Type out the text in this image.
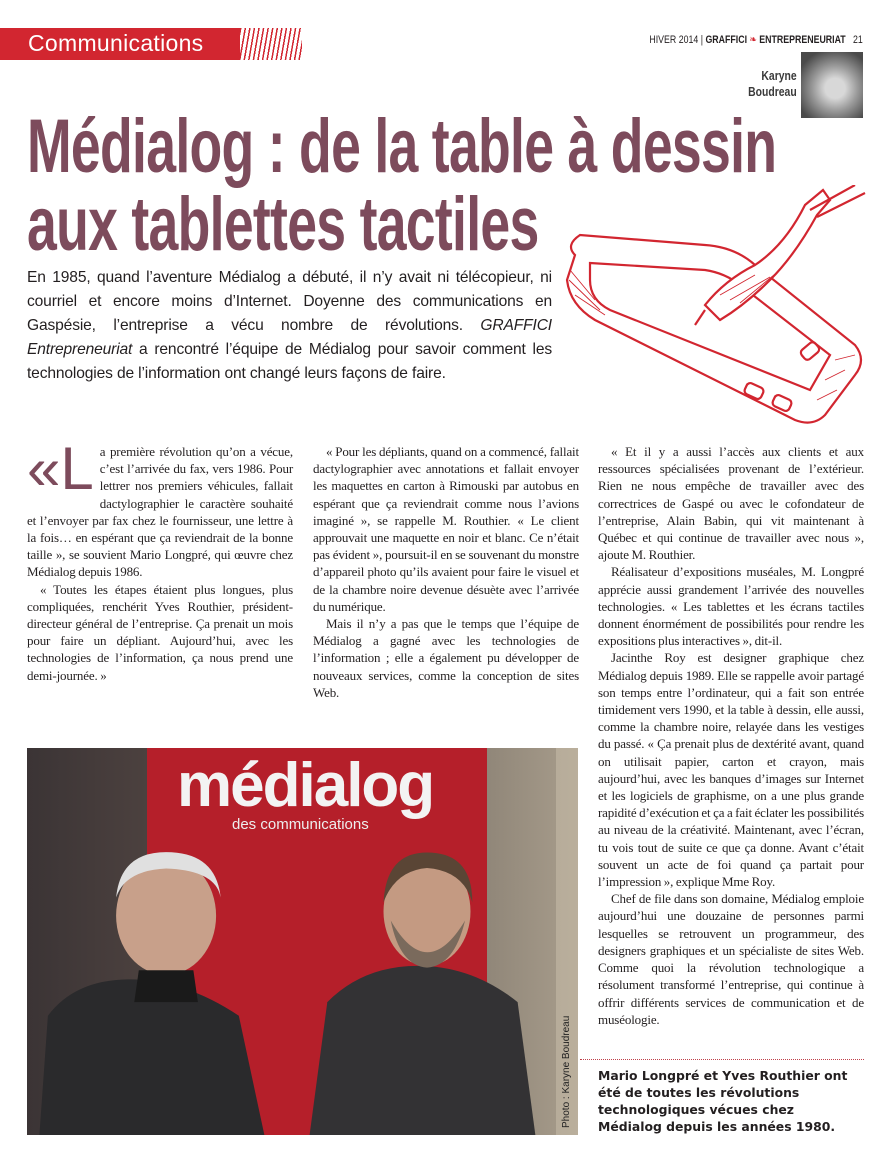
Communications	HIVER 2014 | GRAFFICI ❧ ENTREPRENEURIAT 21
Karyne
Boudreau
Médialog : de la table à dessin
aux tablettes tactiles
En 1985, quand l’aventure Médialog a débuté, il n’y avait ni télécopieur, ni courriel et encore moins d’Internet. Doyenne des communications en Gaspésie, l’entreprise a vécu nombre de révolutions. GRAFFICI Entrepreneuriat a rencontré l’équipe de Médialog pour savoir comment les technologies de l’information ont changé leurs façons de faire.
«L a première révolution qu’on a vécue, c’est l’arrivée du fax, vers 1986. Pour lettrer nos premiers véhicules, fallait dactylographier le caractère souhaité et l’envoyer par fax chez le fournisseur, une lettre à la fois… en espérant que ça reviendrait de la bonne taille », se souvient Mario Longpré, qui œuvre chez Médialog depuis 1986.

« Toutes les étapes étaient plus longues, plus compliquées, renchérit Yves Routhier, président-directeur général de l’entreprise. Ça prenait un mois pour faire un dépliant. Aujourd’hui, avec les technologies de l’information, ça nous prend une demi-journée. »

« Pour les dépliants, quand on a commencé, fallait dactylographier avec annotations et fallait envoyer les maquettes en carton à Rimouski par autobus en espérant que ça reviendrait comme nous l’avions imaginé », se rappelle M. Routhier. « Le client approuvait une maquette en noir et blanc. Ce n’était pas évident », poursuit-il en se souvenant du monstre d’appareil photo qu’ils avaient pour faire le visuel et de la chambre noire devenue désuète avec l’arrivée du numérique.

Mais il n’y a pas que le temps que l’équipe de Médialog a gagné avec les technologies de l’information ; elle a également pu développer de nouveaux services, comme la conception de sites Web.

« Et il y a aussi l’accès aux clients et aux ressources spécialisées provenant de l’extérieur. Rien ne nous empêche de travailler avec des correctrices de Gaspé ou avec le cofondateur de l’entreprise, Alain Babin, qui vit maintenant à Québec et qui continue de travailler avec nous », ajoute M. Routhier.

Réalisateur d’expositions muséales, M. Longpré apprécie aussi grandement l’arrivée des nouvelles technologies. « Les tablettes et les écrans tactiles donnent énormément de possibilités pour rendre les expositions plus interactives », dit-il.

Jacinthe Roy est designer graphique chez Médialog depuis 1989. Elle se rappelle avoir partagé son temps entre l’ordinateur, qui a fait son entrée timidement vers 1990, et la table à dessin, elle aussi, comme la chambre noire, relayée dans les vestiges du passé. « Ça prenait plus de dextérité avant, quand on utilisait papier, carton et crayon, mais aujourd’hui, avec les banques d’images sur Internet et les logiciels de graphisme, on a une plus grande rapidité d’exécution et ça a fait éclater les possibilités au niveau de la créativité. Maintenant, avec l’écran, tu vois tout de suite ce que ça donne. Avant c’était souvent un acte de foi quand ça partait pour l’impression », explique Mme Roy.

Chef de file dans son domaine, Médialog emploie aujourd’hui une douzaine de personnes parmi lesquelles se retrouvent un programmeur, des designers graphiques et un spécialiste de sites Web. Comme quoi la révolution technologique a résolument transformé l’entreprise, qui continue à offrir différents services de communication et de muséologie.

médialog
des communications
Photo : Karyne Boudreau Mario Longpré et Yves Routhier ont été de toutes les révolutions technologiques vécues chez Médialog depuis les années 1980.
